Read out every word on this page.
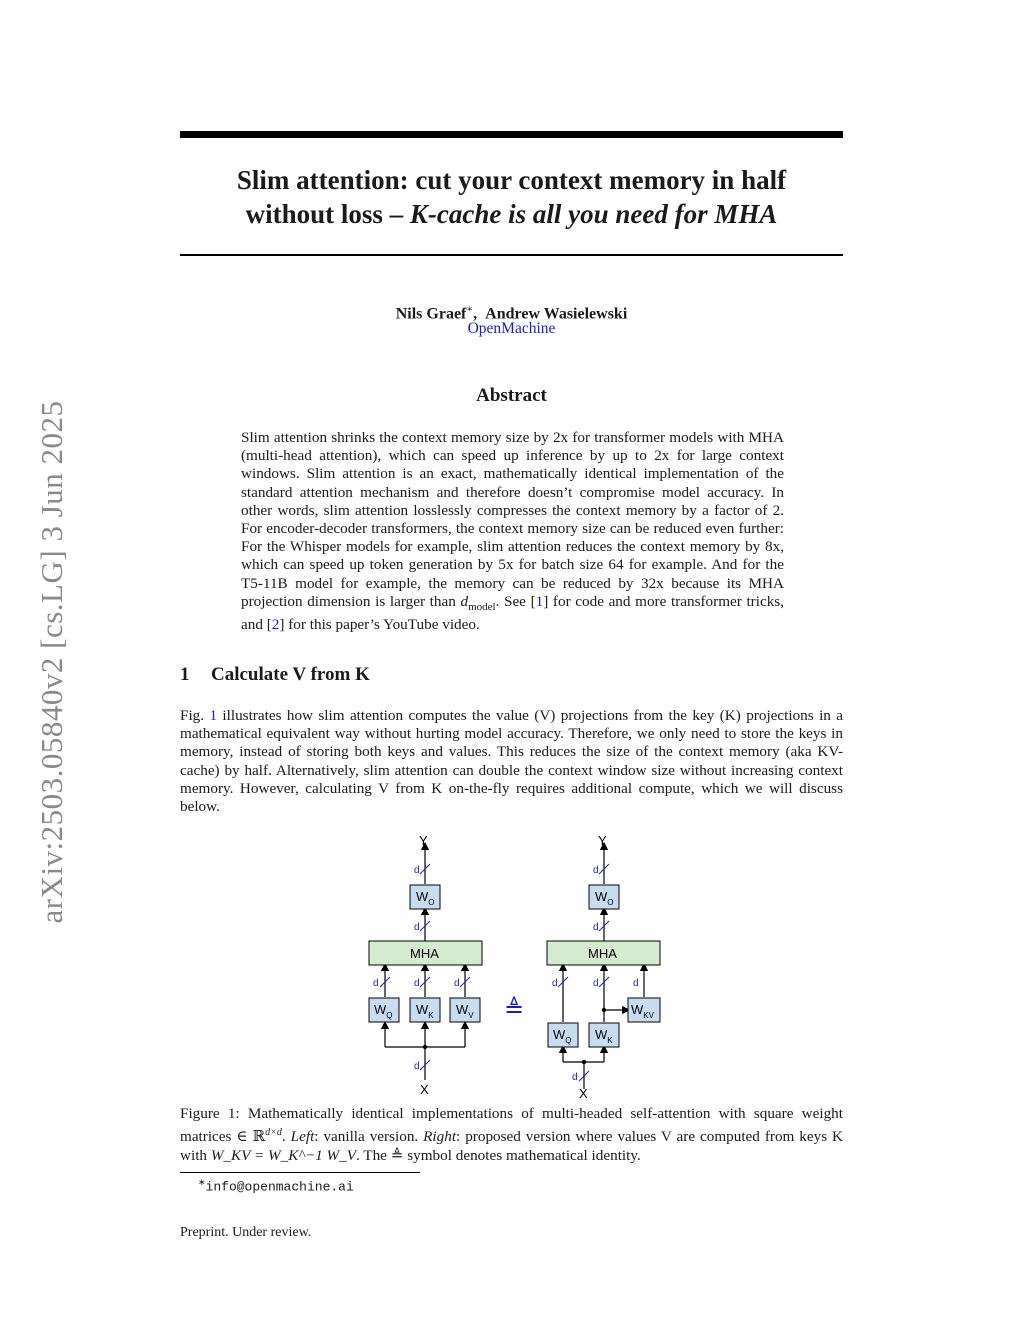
arXiv:2503.05840v2 [cs.LG] 3 Jun 2025
Slim attention: cut your context memory in half
without loss – K-cache is all you need for MHA
Nils Graef∗,  Andrew Wasielewski
OpenMachine
Abstract
Slim attention shrinks the context memory size by 2x for transformer models with MHA (multi-head attention), which can speed up inference by up to 2x for large context windows. Slim attention is an exact, mathematically identical implementation of the standard attention mechanism and therefore doesn’t compromise model accuracy. In other words, slim attention losslessly compresses the context memory by a factor of 2. For encoder-decoder transformers, the context memory size can be reduced even further: For the Whisper models for example, slim attention reduces the context memory by 8x, which can speed up token generation by 5x for batch size 64 for example. And for the T5-11B model for example, the memory can be reduced by 32x because its MHA projection dimension is larger than $d_{model}$. See [1] for code and more transformer tricks, and [2] for this paper’s YouTube video.
1 Calculate V from K
Fig. 1 illustrates how slim attention computes the value (V) projections from the key (K) projections in a mathematical equivalent way without hurting model accuracy. Therefore, we only need to store the keys in memory, instead of storing both keys and values. This reduces the size of the context memory (aka KV-cache) by half. Alternatively, slim attention can double the context window size without increasing context memory. However, calculating V from K on-the-fly requires additional compute, which we will discuss below.
Y
X
MHA
$W_O$
$W_Q$ $W_K$ $W_V$
Y
X
MHA
$W_O$
$W_{KV}$
$W_Q$ $W_K$
d
d
d	d	d
d
d
d
d	d	d
d
≜
Figure 1: Mathematically identical implementations of multi-headed self-attention with square weight matrices ∈ ℝ$^{d\times d}$. Left: vanilla version. Right: proposed version where values V are computed from keys K with W_KV = W_K^−1 W_V. The ≜ symbol denotes mathematical identity.
∗info@openmachine.ai
Preprint. Under review.
